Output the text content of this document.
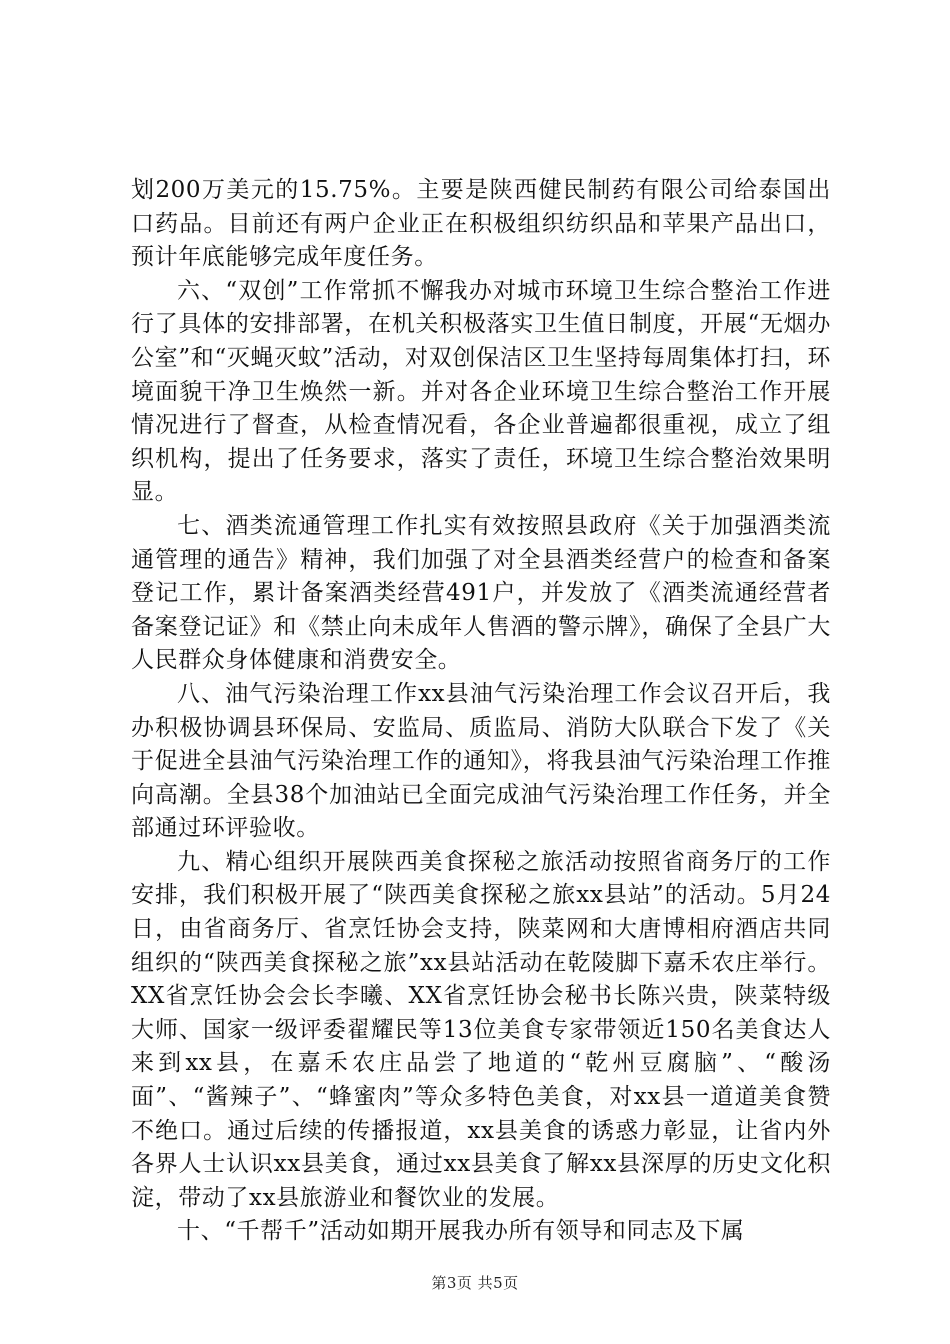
划200万美元的15.75%。主要是陕西健民制药有限公司给泰国出口药品。目前还有两户企业正在积极组织纺织品和苹果产品出口，预计年底能够完成年度任务。

六、“双创”工作常抓不懈我办对城市环境卫生综合整治工作进行了具体的安排部署，在机关积极落实卫生值日制度，开展“无烟办公室”和“灭蝇灭蚊”活动，对双创保洁区卫生坚持每周集体打扫，环境面貌干净卫生焕然一新。并对各企业环境卫生综合整治工作开展情况进行了督查，从检查情况看，各企业普遍都很重视，成立了组织机构，提出了任务要求，落实了责任，环境卫生综合整治效果明显。

七、酒类流通管理工作扎实有效按照县政府《关于加强酒类流通管理的通告》精神，我们加强了对全县酒类经营户的检查和备案登记工作，累计备案酒类经营491户，并发放了《酒类流通经营者备案登记证》和《禁止向未成年人售酒的警示牌》，确保了全县广大人民群众身体健康和消费安全。

八、油气污染治理工作xx县油气污染治理工作会议召开后，我办积极协调县环保局、安监局、质监局、消防大队联合下发了《关于促进全县油气污染治理工作的通知》，将我县油气污染治理工作推向高潮。全县38个加油站已全面完成油气污染治理工作任务，并全部通过环评验收。

九、精心组织开展陕西美食探秘之旅活动按照省商务厅的工作安排，我们积极开展了“陕西美食探秘之旅xx县站”的活动。5月24日，由省商务厅、省烹饪协会支持，陕菜网和大唐博相府酒店共同组织的“陕西美食探秘之旅”xx县站活动在乾陵脚下嘉禾农庄举行。XX省烹饪协会会长李曦、XX省烹饪协会秘书长陈兴贵，陕菜特级大师、国家一级评委翟耀民等13位美食专家带领近150名美食达人来到xx县，在嘉禾农庄品尝了地道的“乾州豆腐脑”、“酸汤面”、“酱辣子”、“蜂蜜肉”等众多特色美食，对xx县一道道美食赞不绝口。通过后续的传播报道，xx县美食的诱惑力彰显，让省内外各界人士认识xx县美食，通过xx县美食了解xx县深厚的历史文化积淀，带动了xx县旅游业和餐饮业的发展。

十、“千帮千”活动如期开展我办所有领导和同志及下属

第3页 共5页
